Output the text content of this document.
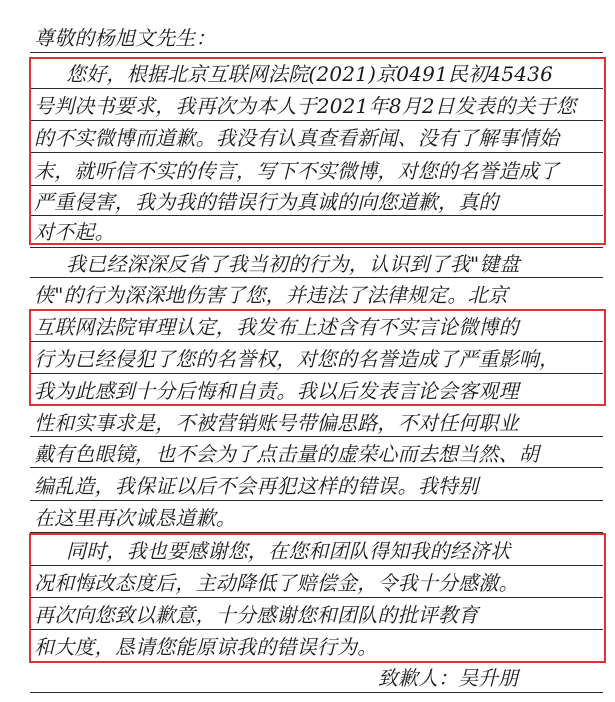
尊敬的杨旭文先生：
您好，根据北京互联网法院(2021)京0491民初45436
号判决书要求，我再次为本人于2021年8月2日发表的关于您
的不实微博而道歉。我没有认真查看新闻、没有了解事情始
末，就听信不实的传言，写下不实微博，对您的名誉造成了
严重侵害，我为我的错误行为真诚的向您道歉，真的
对不起。
我已经深深反省了我当初的行为，认识到了我"键盘
侠"的行为深深地伤害了您，并违法了法律规定。北京
互联网法院审理认定，我发布上述含有不实言论微博的
行为已经侵犯了您的名誉权，对您的名誉造成了严重影响，
我为此感到十分后悔和自责。我以后发表言论会客观理
性和实事求是，不被营销账号带偏思路，不对任何职业
戴有色眼镜，也不会为了点击量的虚荣心而去想当然、胡
编乱造，我保证以后不会再犯这样的错误。我特别
在这里再次诚恳道歉。
同时，我也要感谢您，在您和团队得知我的经济状
况和悔改态度后，主动降低了赔偿金，令我十分感激。
再次向您致以歉意，十分感谢您和团队的批评教育
和大度，恳请您能原谅我的错误行为。
致歉人：吴升朋
